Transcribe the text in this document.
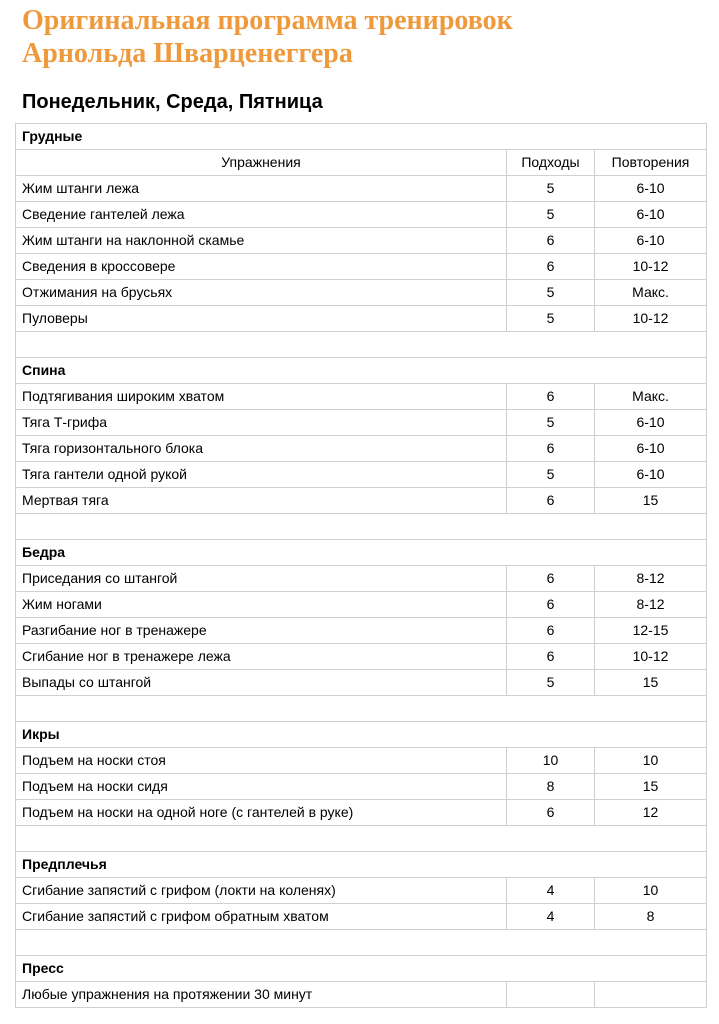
Оригинальная программа тренировок
Арнольда Шварценеггера
Понедельник, Среда, Пятница
Грудные		
Упражнения	Подходы	Повторения
Жим штанги лежа	5	6-10
Сведение гантелей лежа	5	6-10
Жим штанги на наклонной скамье	6	6-10
Сведения в кроссовере	6	10-12
Отжимания на брусьях	5	Макс.
Пуловеры	5	10-12

Спина		
Подтягивания широким хватом	6	Макс.
Тяга Т-грифа	5	6-10
Тяга горизонтального блока	6	6-10
Тяга гантели одной рукой	5	6-10
Мертвая тяга	6	15

Бедра		
Приседания со штангой	6	8-12
Жим ногами	6	8-12
Разгибание ног в тренажере	6	12-15
Сгибание ног в тренажере лежа	6	10-12
Выпады со штангой	5	15

Икры		
Подъем на носки стоя	10	10
Подъем на носки сидя	8	15
Подъем на носки на одной ноге (с гантелей в руке)	6	12

Предплечья		
Сгибание запястий с грифом (локти на коленях)	4	10
Сгибание запястий с грифом обратным хватом	4	8

Пресс		
Любые упражнения на протяжении 30 минут		
